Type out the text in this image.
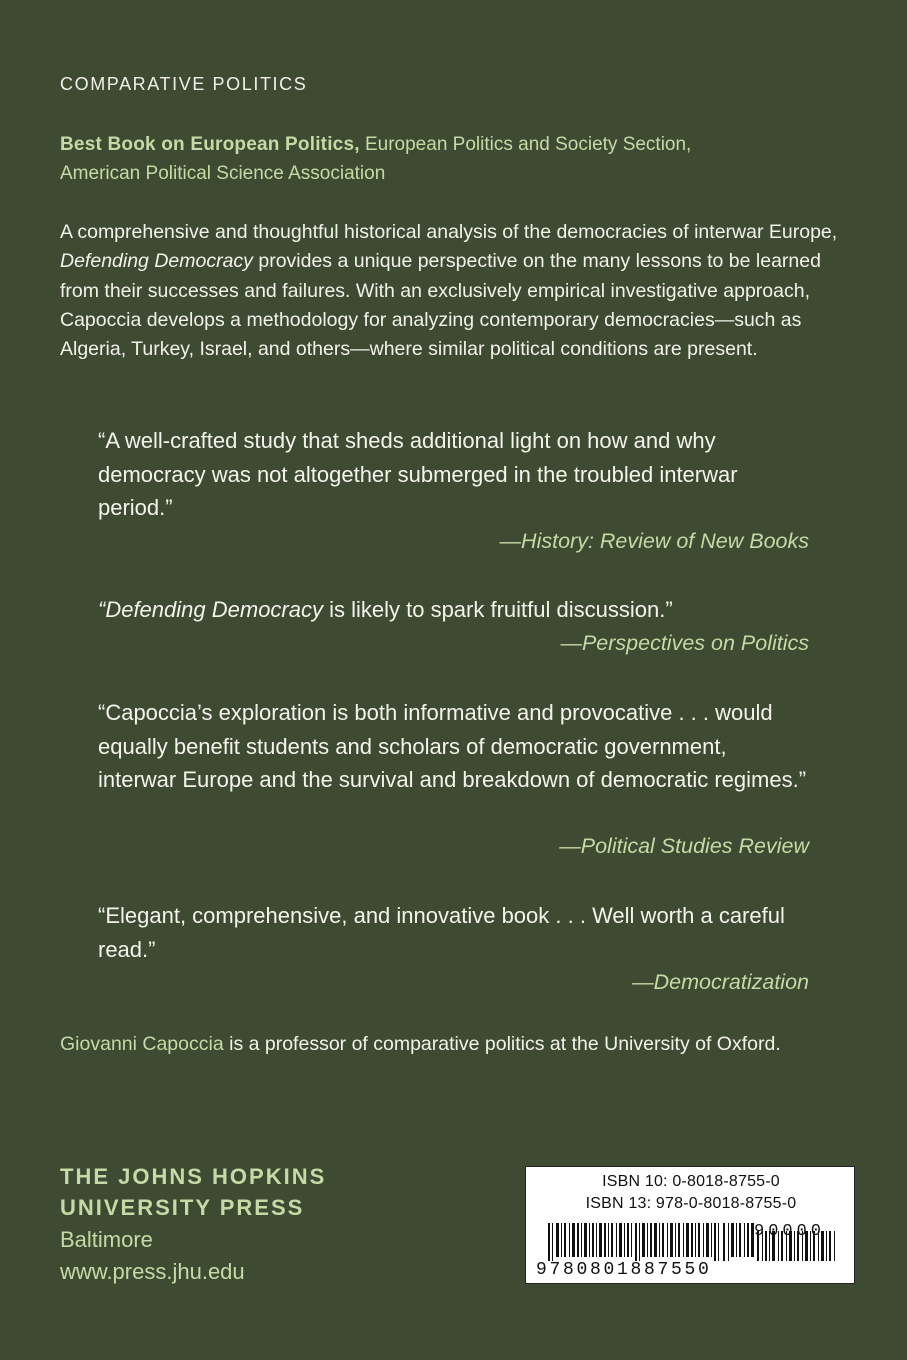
COMPARATIVE POLITICS
Best Book on European Politics, European Politics and Society Section,
American Political Science Association
A comprehensive and thoughtful historical analysis of the democracies of interwar Europe, Defending Democracy provides a unique perspective on the many lessons to be learned from their successes and failures. With an exclusively empirical investigative approach, Capoccia develops a methodology for analyzing contemporary democracies—such as Algeria, Turkey, Israel, and others—where similar political conditions are present.
“A well-crafted study that sheds additional light on how and why democracy was not altogether submerged in the troubled interwar period.”
—History: Review of New Books
“Defending Democracy is likely to spark fruitful discussion.”
—Perspectives on Politics
“Capoccia’s exploration is both informative and provocative . . . would equally benefit students and scholars of democratic government, interwar Europe and the survival and breakdown of democratic regimes.”
—Political Studies Review
“Elegant, comprehensive, and innovative book . . . Well worth a careful read.”
—Democratization
Giovanni Capoccia is a professor of comparative politics at the University of Oxford.
THE JOHNS HOPKINS
UNIVERSITY PRESS
Baltimore
www.press.jhu.edu
ISBN 10: 0-8018-8755-0
ISBN 13: 978-0-8018-8755-0
90000
9780801887550
